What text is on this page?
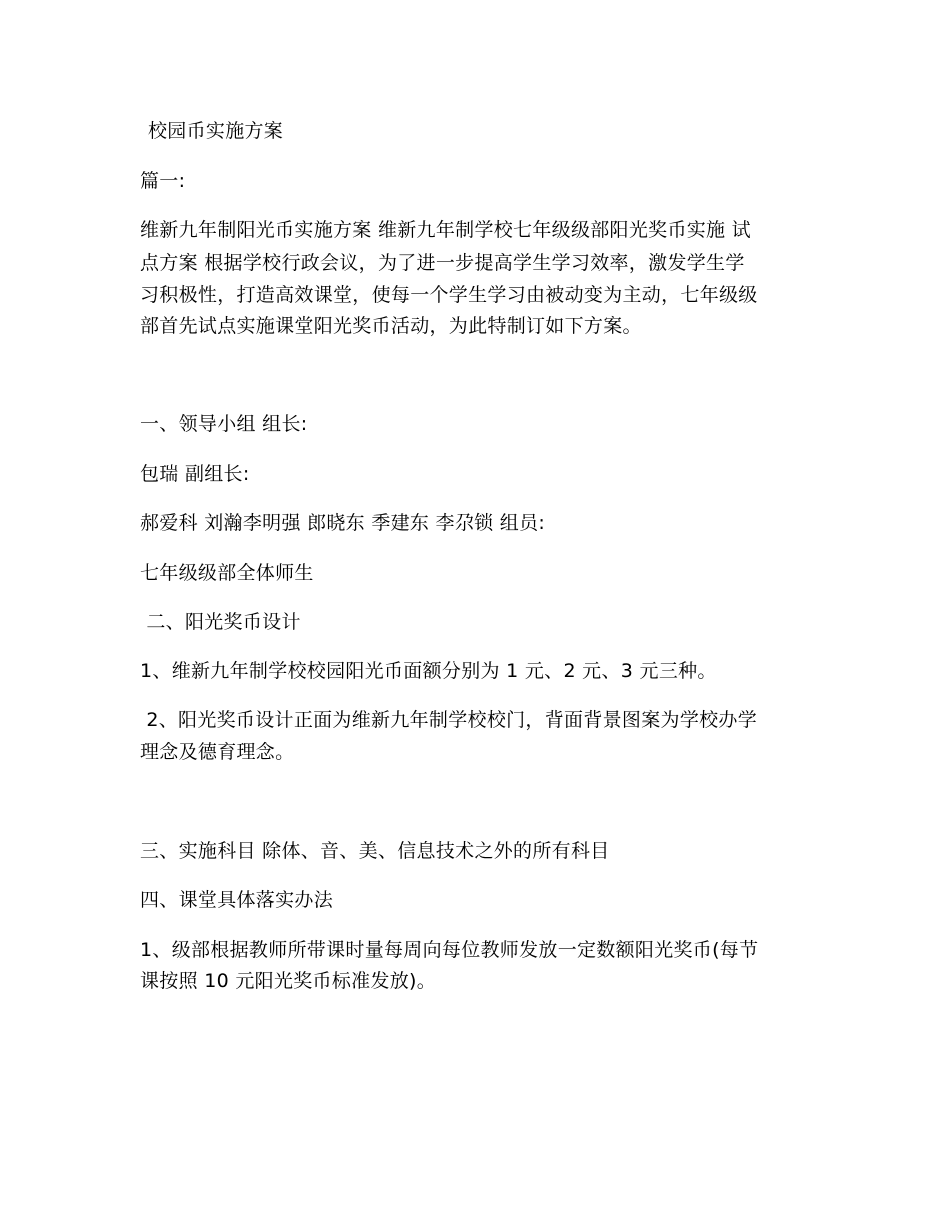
校园币实施方案

篇一:

维新九年制阳光币实施方案 维新九年制学校七年级级部阳光奖币实施 试

点方案 根据学校行政会议，为了进一步提高学生学习效率，激发学生学

习积极性，打造高效课堂，使每一个学生学习由被动变为主动，七年级级

部首先试点实施课堂阳光奖币活动，为此特制订如下方案。

一、领导小组 组长:

包瑞 副组长:

郝爱科 刘瀚李明强 郎晓东 季建东 李尕锁 组员:

七年级级部全体师生

二、阳光奖币设计

1、维新九年制学校校园阳光币面额分别为 1 元、2 元、3 元三种。

2、阳光奖币设计正面为维新九年制学校校门，背面背景图案为学校办学

理念及德育理念。

三、实施科目 除体、音、美、信息技术之外的所有科目

四、课堂具体落实办法

1、级部根据教师所带课时量每周向每位教师发放一定数额阳光奖币(每节

课按照 10 元阳光奖币标准发放)。
